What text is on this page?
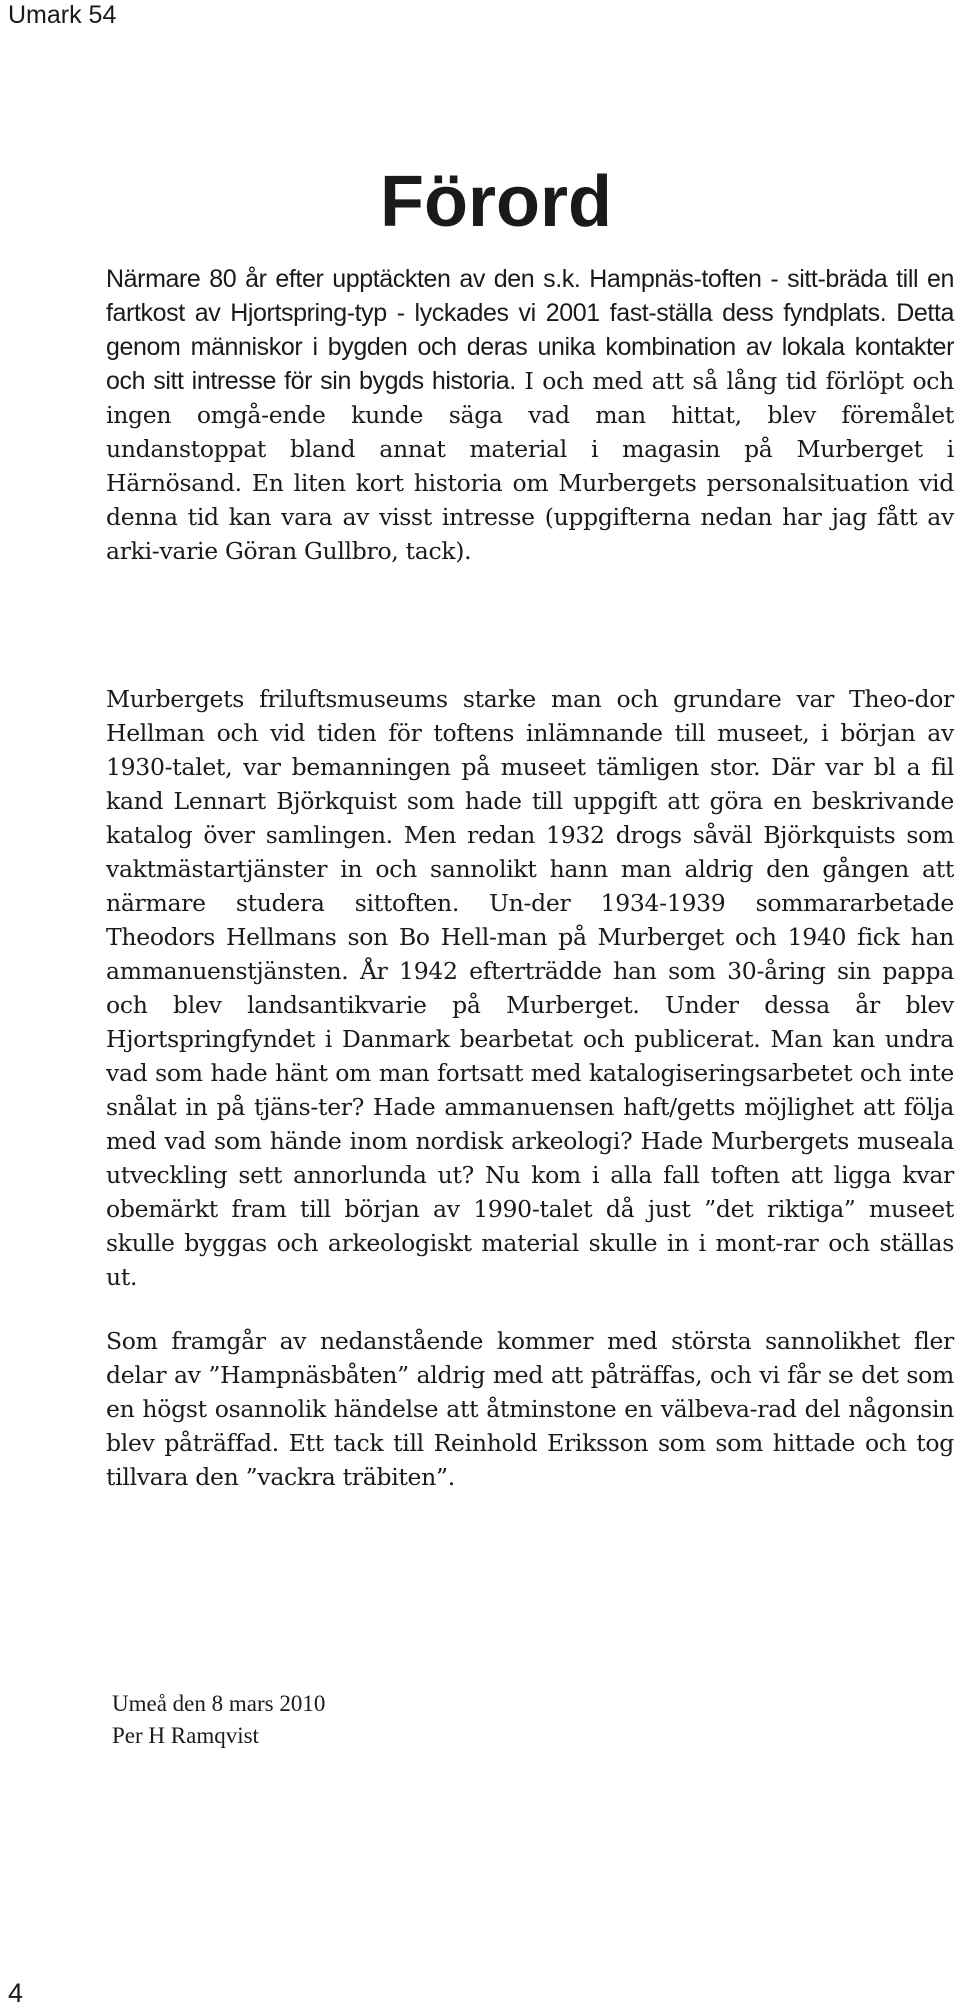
Umark 54
Förord

Närmare 80 år efter upptäckten av den s.k. Hampnäs-toften - sitt-bräda till en fartkost av Hjortspring-typ - lyckades vi 2001 fast-ställa dess fyndplats. Detta genom människor i bygden och deras unika kombination av lokala kontakter och sitt intresse för sin bygds historia. I och med att så lång tid förlöpt och ingen omgå-ende kunde säga vad man hittat, blev föremålet undanstoppat bland annat material i magasin på Murberget i Härnösand. En liten kort historia om Murbergets personalsituation vid denna tid kan vara av visst intresse (uppgifterna nedan har jag fått av arki-varie Göran Gullbro, tack).

Murbergets friluftsmuseums starke man och grundare var Theo-dor Hellman och vid tiden för toftens inlämnande till museet, i början av 1930-talet, var bemanningen på museet tämligen stor. Där var bl a fil kand Lennart Björkquist som hade till uppgift att göra en beskrivande katalog över samlingen. Men redan 1932 drogs såväl Björkquists som vaktmästartjänster in och sannolikt hann man aldrig den gången att närmare studera sittoften. Un-der 1934-1939 sommararbetade Theodors Hellmans son Bo Hell-man på Murberget och 1940 fick han ammanuenstjänsten. År 1942 efterträdde han som 30-åring sin pappa och blev landsantikvarie på Murberget. Under dessa år blev Hjortspringfyndet i Danmark bearbetat och publicerat. Man kan undra vad som hade hänt om man fortsatt med katalogiseringsarbetet och inte snålat in på tjäns-ter? Hade ammanuensen haft/getts möjlighet att följa med vad som hände inom nordisk arkeologi? Hade Murbergets museala utveckling sett annorlunda ut? Nu kom i alla fall toften att ligga kvar obemärkt fram till början av 1990-talet då just ”det riktiga” museet skulle byggas och arkeologiskt material skulle in i mont-rar och ställas ut.

Som framgår av nedanstående kommer med största sannolikhet fler delar av ”Hampnäsbåten” aldrig med att påträffas, och vi får se det som en högst osannolik händelse att åtminstone en välbeva-rad del någonsin blev påträffad. Ett tack till Reinhold Eriksson som som hittade och tog tillvara den ”vackra träbiten”.

Umeå den 8 mars 2010
Per H Ramqvist
4
